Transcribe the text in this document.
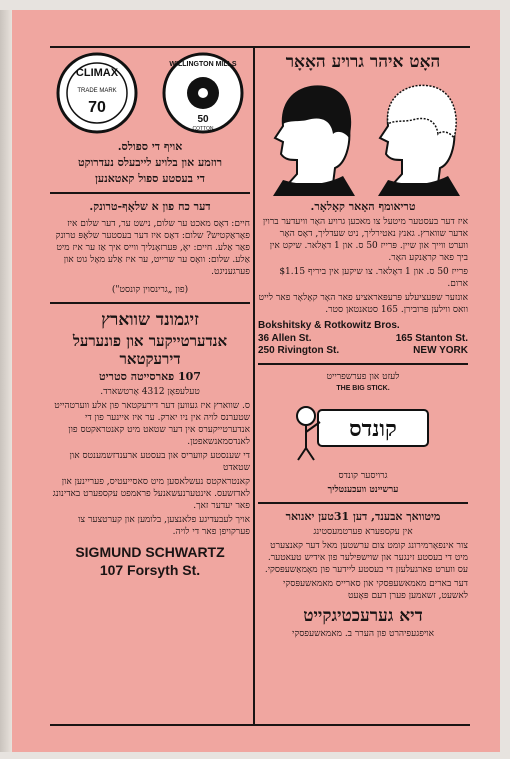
CLIMAX
TRADE MARK
70
WILLINGTON MILLS
50
COTTON

אויף די ספולס.

רוזמע און בלויע לייבעלס נעדרוקט

די בעסטע ספול קאטאנען

דער כח פון א שלאָף-טרונק.

חיים: דאָס מאכט ער שלום, נישט ער, דער שלום איז פאָראַקטיש? שלום: דאָס איז דער בעסטער שלאָפּ טרונק פאַר אַלע. חיים: יאָ, פּערזאָנליך ווייס איך אַז ער איז מיט אַלע. שלום: וואָס ער שרייט, ער איז אַלע מאָל גוט און פערגעניגט.

(פון „גרינסוין קונסט")

זיגמונד שווארץ

אנדערטייקער און פונערעל דירעקטאר

107 פארסייטה סטריט

טעלעפאָן 4312 אָרטשארד.

ס. שווארץ איז געווען דער דירעקטאר פון אלע ווערטהייט שטערנס לויה אין ניו יארק. ער איז איינער פון די אנדערטייקערס אין דער שטאט מיט קאנטראקטס פון לאנדסמאנשאפטן.

די שענסטע קוועריס און בעסטע ארענדזשמענטס און שטאדט

קאנטראקטס נעשלאסען מיט סאסייעטיס, פעריינען און לאדזשעס. אינטערנעשאנעל פראמפט עקספערט באדינונג פאר יעדער זאך.

אויך לעבעדיגע פלאנצען, בלומען און קערטצער צו פערקויפן פאר די לויה.

SIGMUND SCHWARTZ

107 Forsyth St.

האָט איהר גרויע האָאָר

טריאומף האָאר קאָלאָר.

איז דער בעסטער מיטעל צו מאכען גרויע האָר וויעדער ברוין אדער שווארץ. גאנץ נאטירליך, ניט שעדליך, דאָס האָר ווערט ווייך און שיין. פּרייז 50 ס. און 1 דאָלאר. שיקט אין ביך פאר קראַנקע האָר.

פרייז 50 ס. און 1 דאָלאר. צו שיקען אין ביריף $1.15 ארום.

אונזער שפּעציעלע פּרעפּאראציע פאר האָר קאָלאָר פאר לייט וואס ווילען פּרובירן. 165 סטאנטאן סטר.

Bokshitsky & Rotkowitz Bros.

36 Allen St.	165 Stanton St.
250 Rivington St.	NEW YORK

לעזט און פערשפרייט

THE BIG STICK.

קונדס

גרויסער קונדס

ערשיינט וועכענטליך

מיטוואך אבענד, דען 31טען יאנואר

אין עקספערא פערטמעסטינג

צור אינפאָרמירונג קומט צום ערשטען מאל דער קאנצערט מיט די בעסטע זינגער און שוישפּילער פון אידיש טעאטער. עס ווערט פארגעלעזן די בעסטע ליידער פון מאָמאַשעפּסקי.

דער בארים מאמאשעפּסקי און סארייס מאמאשעפּסקי לאשעט, זשאמען פערן דעם פּאָעט

דיא גערעכטיגקייט

אויפגעפיהרט פון הערר ב. מאמאשעפסקי
